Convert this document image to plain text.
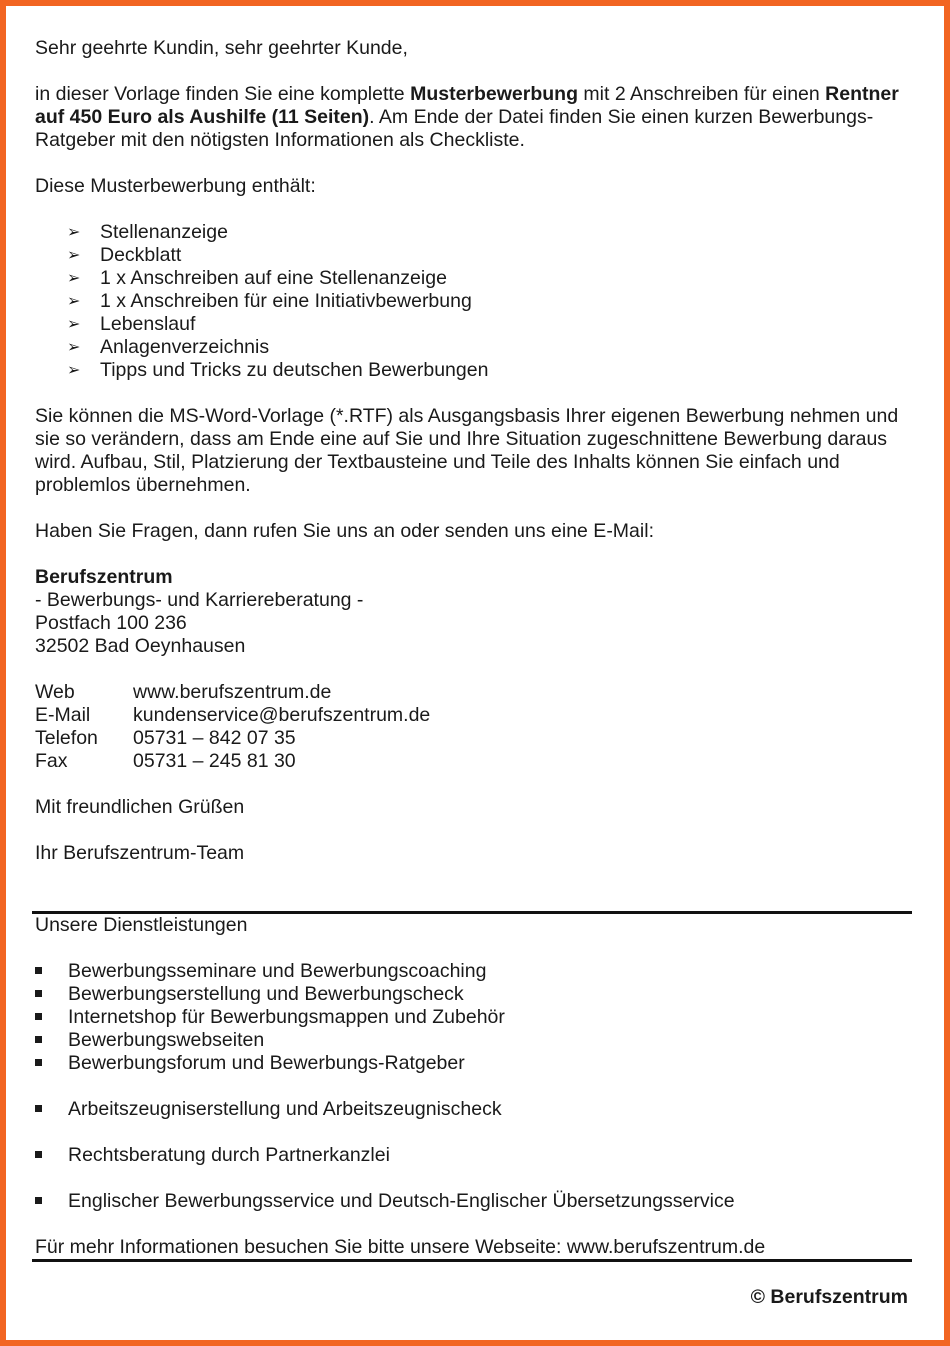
Sehr geehrte Kundin, sehr geehrter Kunde,

in dieser Vorlage finden Sie eine komplette Musterbewerbung mit 2 Anschreiben für einen Rentner auf 450 Euro als Aushilfe (11 Seiten). Am Ende der Datei finden Sie einen kurzen Bewerbungs-Ratgeber mit den nötigsten Informationen als Checkliste.

Diese Musterbewerbung enthält:

➢ Stellenanzeige
➢ Deckblatt
➢ 1 x Anschreiben auf eine Stellenanzeige
➢ 1 x Anschreiben für eine Initiativbewerbung
➢ Lebenslauf
➢ Anlagenverzeichnis
➢ Tipps und Tricks zu deutschen Bewerbungen

Sie können die MS-Word-Vorlage (*.RTF) als Ausgangsbasis Ihrer eigenen Bewerbung nehmen und sie so verändern, dass am Ende eine auf Sie und Ihre Situation zugeschnittene Bewerbung daraus wird. Aufbau, Stil, Platzierung der Textbausteine und Teile des Inhalts können Sie einfach und problemlos übernehmen.

Haben Sie Fragen, dann rufen Sie uns an oder senden uns eine E-Mail:

Berufszentrum

- Bewerbungs- und Karriereberatung -

Postfach 100 236

32502 Bad Oeynhausen

Web	www.berufszentrum.de
E-Mail	kundenservice@berufszentrum.de
Telefon	05731 – 842 07 35
Fax	05731 – 245 81 30

Mit freundlichen Grüßen

Ihr Berufszentrum-Team

Unsere Dienstleistungen

Bewerbungsseminare und Bewerbungscoaching
Bewerbungserstellung und Bewerbungscheck
Internetshop für Bewerbungsmappen und Zubehör
Bewerbungswebseiten
Bewerbungsforum und Bewerbungs-Ratgeber
Arbeitszeugniserstellung und Arbeitszeugnischeck
Rechtsberatung durch Partnerkanzlei
Englischer Bewerbungsservice und Deutsch-Englischer Übersetzungsservice

Für mehr Informationen besuchen Sie bitte unsere Webseite: www.berufszentrum.de

© Berufszentrum
